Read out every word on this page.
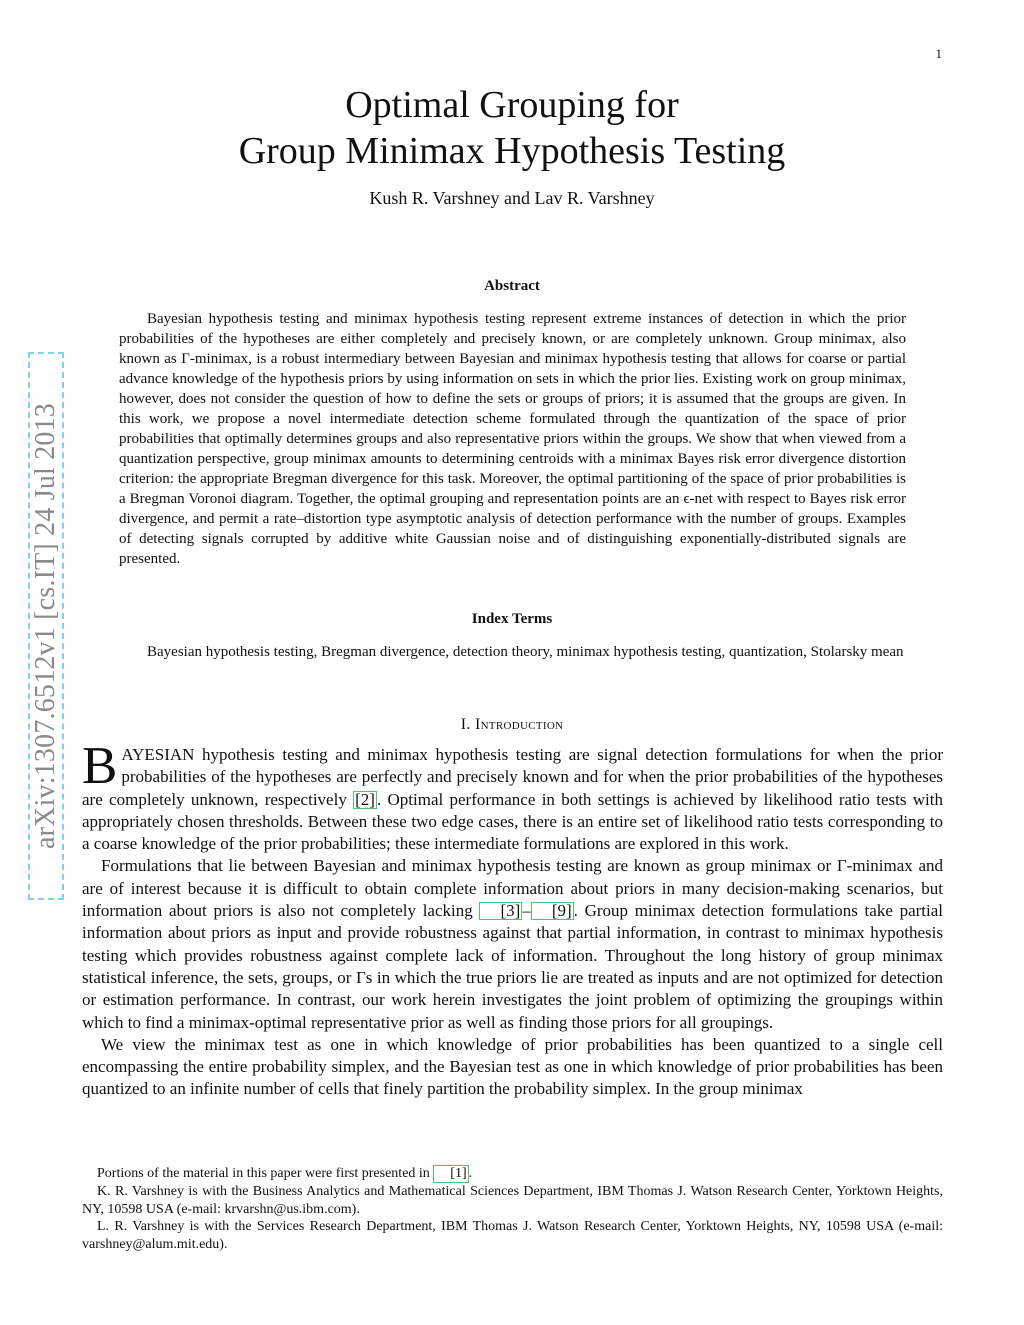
1
arXiv:1307.6512v1 [cs.IT] 24 Jul 2013
Optimal Grouping for
Group Minimax Hypothesis Testing
Kush R. Varshney and Lav R. Varshney
Abstract

Bayesian hypothesis testing and minimax hypothesis testing represent extreme instances of detection in which the prior probabilities of the hypotheses are either completely and precisely known, or are completely unknown. Group minimax, also known as Γ-minimax, is a robust intermediary between Bayesian and minimax hypothesis testing that allows for coarse or partial advance knowledge of the hypothesis priors by using information on sets in which the prior lies. Existing work on group minimax, however, does not consider the question of how to define the sets or groups of priors; it is assumed that the groups are given. In this work, we propose a novel intermediate detection scheme formulated through the quantization of the space of prior probabilities that optimally determines groups and also representative priors within the groups. We show that when viewed from a quantization perspective, group minimax amounts to determining centroids with a minimax Bayes risk error divergence distortion criterion: the appropriate Bregman divergence for this task. Moreover, the optimal partitioning of the space of prior probabilities is a Bregman Voronoi diagram. Together, the optimal grouping and representation points are an ϵ-net with respect to Bayes risk error divergence, and permit a rate–distortion type asymptotic analysis of detection performance with the number of groups. Examples of detecting signals corrupted by additive white Gaussian noise and of distinguishing exponentially-distributed signals are presented.

Index Terms

Bayesian hypothesis testing, Bregman divergence, detection theory, minimax hypothesis testing, quantization, Stolarsky mean

I. Introduction

BAYESIAN hypothesis testing and minimax hypothesis testing are signal detection formulations for when the prior probabilities of the hypotheses are perfectly and precisely known and for when the prior probabilities of the hypotheses are completely unknown, respectively [2] . Optimal performance in both settings is achieved by likelihood ratio tests with appropriately chosen thresholds. Between these two edge cases, there is an entire set of likelihood ratio tests corresponding to a coarse knowledge of the prior probabilities; these intermediate formulations are explored in this work.

Formulations that lie between Bayesian and minimax hypothesis testing are known as group minimax or Γ-minimax and are of interest because it is difficult to obtain complete information about priors in many decision-making scenarios, but information about priors is also not completely lacking [3] – [9] . Group minimax detection formulations take partial information about priors as input and provide robustness against that partial information, in contrast to minimax hypothesis testing which provides robustness against complete lack of information. Throughout the long history of group minimax statistical inference, the sets, groups, or Γs in which the true priors lie are treated as inputs and are not optimized for detection or estimation performance. In contrast, our work herein investigates the joint problem of optimizing the groupings within which to find a minimax-optimal representative prior as well as finding those priors for all groupings.

We view the minimax test as one in which knowledge of prior probabilities has been quantized to a single cell encompassing the entire probability simplex, and the Bayesian test as one in which knowledge of prior probabilities has been quantized to an infinite number of cells that finely partition the probability simplex. In the group minimax

Portions of the material in this paper were first presented in [1] .

K. R. Varshney is with the Business Analytics and Mathematical Sciences Department, IBM Thomas J. Watson Research Center, Yorktown Heights, NY, 10598 USA (e-mail: krvarshn@us.ibm.com).

L. R. Varshney is with the Services Research Department, IBM Thomas J. Watson Research Center, Yorktown Heights, NY, 10598 USA (e-mail: varshney@alum.mit.edu).
